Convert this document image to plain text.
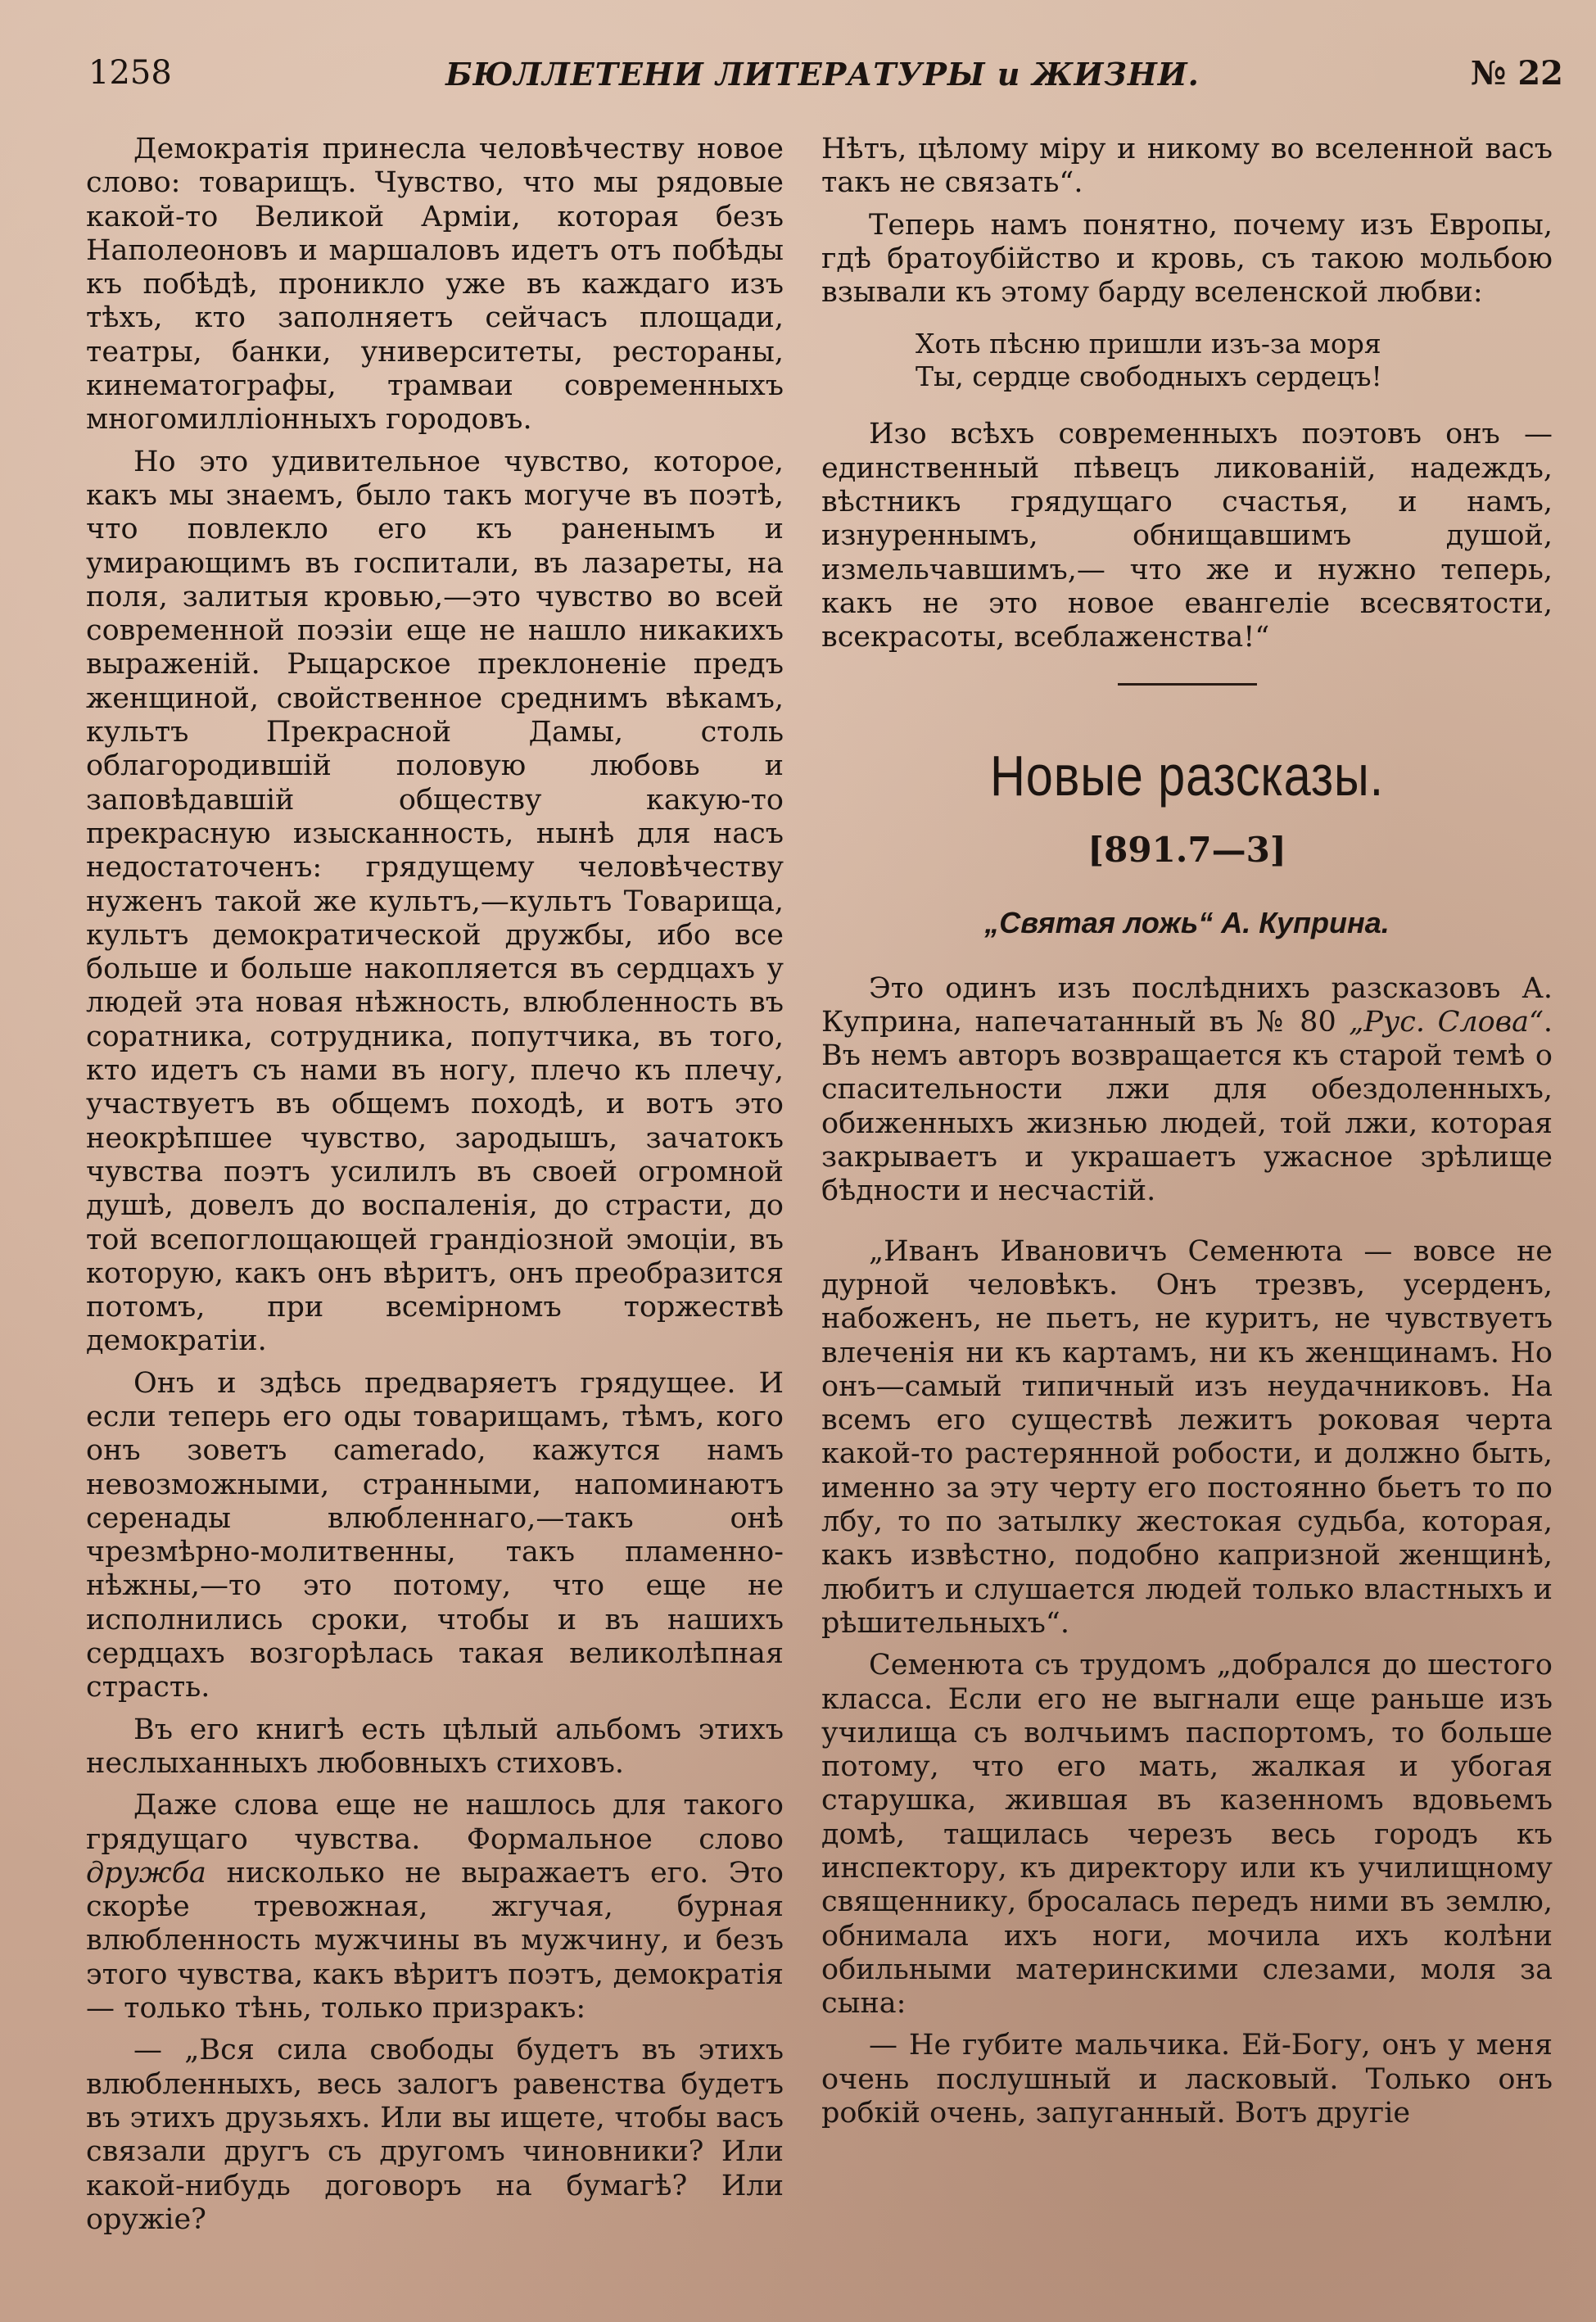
1258	БЮЛЛЕТЕНИ ЛИТЕРАТУРЫ и ЖИЗНИ.	№ 22

Демократія принесла человѣчеству новое слово: товарищъ. Чувство, что мы рядовые какой-то Великой Арміи, которая безъ Наполеоновъ и маршаловъ идетъ отъ побѣды къ побѣдѣ, проникло уже въ каждаго изъ тѣхъ, кто заполняетъ сейчасъ площади, театры, банки, университеты, рестораны, кинематографы, трамваи современныхъ многомилліонныхъ городовъ.

Но это удивительное чувство, которое, какъ мы знаемъ, было такъ могуче въ поэтѣ, что повлекло его къ раненымъ и умирающимъ въ госпитали, въ лазареты, на поля, залитыя кровью,—это чувство во всей современной поэзіи еще не нашло никакихъ выраженій. Рыцарское преклоненіе предъ женщиной, свойственное среднимъ вѣкамъ, культъ Прекрасной Дамы, столь облагородившій половую любовь и заповѣдавшій обществу какую-то прекрасную изысканность, нынѣ для насъ недостаточенъ: грядущему человѣчеству нуженъ такой же культъ,—культъ Товарища, культъ демократической дружбы, ибо все больше и больше накопляется въ сердцахъ у людей эта новая нѣжность, влюбленность въ соратника, сотрудника, попутчика, въ того, кто идетъ съ нами въ ногу, плечо къ плечу, участвуетъ въ общемъ походѣ, и вотъ это неокрѣпшее чувство, зародышъ, зачатокъ чувства поэтъ усилилъ въ своей огромной душѣ, довелъ до воспаленія, до страсти, до той всепоглощающей грандіозной эмоціи, въ которую, какъ онъ вѣритъ, онъ преобразится потомъ, при всемірномъ торжествѣ демократіи.

Онъ и здѣсь предваряетъ грядущее. И если теперь его оды товарищамъ, тѣмъ, кого онъ зоветъ camerado, кажутся намъ невозможными, странными, напоминаютъ серенады влюбленнаго,—такъ онѣ чрезмѣрно-молитвенны, такъ пламенно-нѣжны,—то это потому, что еще не исполнились сроки, чтобы и въ нашихъ сердцахъ возгорѣлась такая великолѣпная страсть.

Въ его книгѣ есть цѣлый альбомъ этихъ неслыханныхъ любовныхъ стиховъ.

Даже слова еще не нашлось для такого грядущаго чувства. Формальное слово дружба нисколько не выражаетъ его. Это скорѣе тревожная, жгучая, бурная влюбленность мужчины въ мужчину, и безъ этого чувства, какъ вѣритъ поэтъ, демократія — только тѣнь, только призракъ:

— „Вся сила свободы будетъ въ этихъ влюбленныхъ, весь залогъ равенства будетъ въ этихъ друзьяхъ. Или вы ищете, чтобы васъ связали другъ съ другомъ чиновники? Или какой-нибудь договоръ на бумагѣ? Или оружіе?

Нѣтъ, цѣлому міру и никому во вселенной васъ такъ не связать“.

Теперь намъ понятно, почему изъ Европы, гдѣ братоубійство и кровь, съ такою мольбою взывали къ этому барду вселенской любви:

Хоть пѣсню пришли изъ-за моря
Ты, сердце свободныхъ сердецъ!

Изо всѣхъ современныхъ поэтовъ онъ — единственный пѣвецъ ликованій, надеждъ, вѣстникъ грядущаго счастья, и намъ, изнуреннымъ, обнищавшимъ душой, измельчавшимъ,— что же и нужно теперь, какъ не это новое евангеліе всесвятости, всекрасоты, всеблаженства!“

Новые разсказы.
[891.7—3]
„Святая ложь“ А. Куприна.

Это одинъ изъ послѣднихъ разсказовъ А. Куприна, напечатанный въ № 80 „Рус. Слова“. Въ немъ авторъ возвращается къ старой темѣ о спасительности лжи для обездоленныхъ, обиженныхъ жизнью людей, той лжи, которая закрываетъ и украшаетъ ужасное зрѣлище бѣдности и несчастій.

„Иванъ Ивановичъ Семенюта — вовсе не дурной человѣкъ. Онъ трезвъ, усерденъ, набоженъ, не пьетъ, не куритъ, не чувствуетъ влеченія ни къ картамъ, ни къ женщинамъ. Но онъ—самый типичный изъ неудачниковъ. На всемъ его существѣ лежитъ роковая черта какой-то растерянной робости, и должно быть, именно за эту черту его постоянно бьетъ то по лбу, то по затылку жестокая судьба, которая, какъ извѣстно, подобно капризной женщинѣ, любитъ и слушается людей только властныхъ и рѣшительныхъ“.

Семенюта съ трудомъ „добрался до шестого класса. Если его не выгнали еще раньше изъ училища съ волчьимъ паспортомъ, то больше потому, что его мать, жалкая и убогая старушка, жившая въ казенномъ вдовьемъ домѣ, тащилась черезъ весь городъ къ инспектору, къ директору или къ училищному священнику, бросалась передъ ними въ землю, обнимала ихъ ноги, мочила ихъ колѣни обильными материнскими слезами, моля за сына:

— Не губите мальчика. Ей-Богу, онъ у меня очень послушный и ласковый. Только онъ робкій очень, запуганный. Вотъ другіе
